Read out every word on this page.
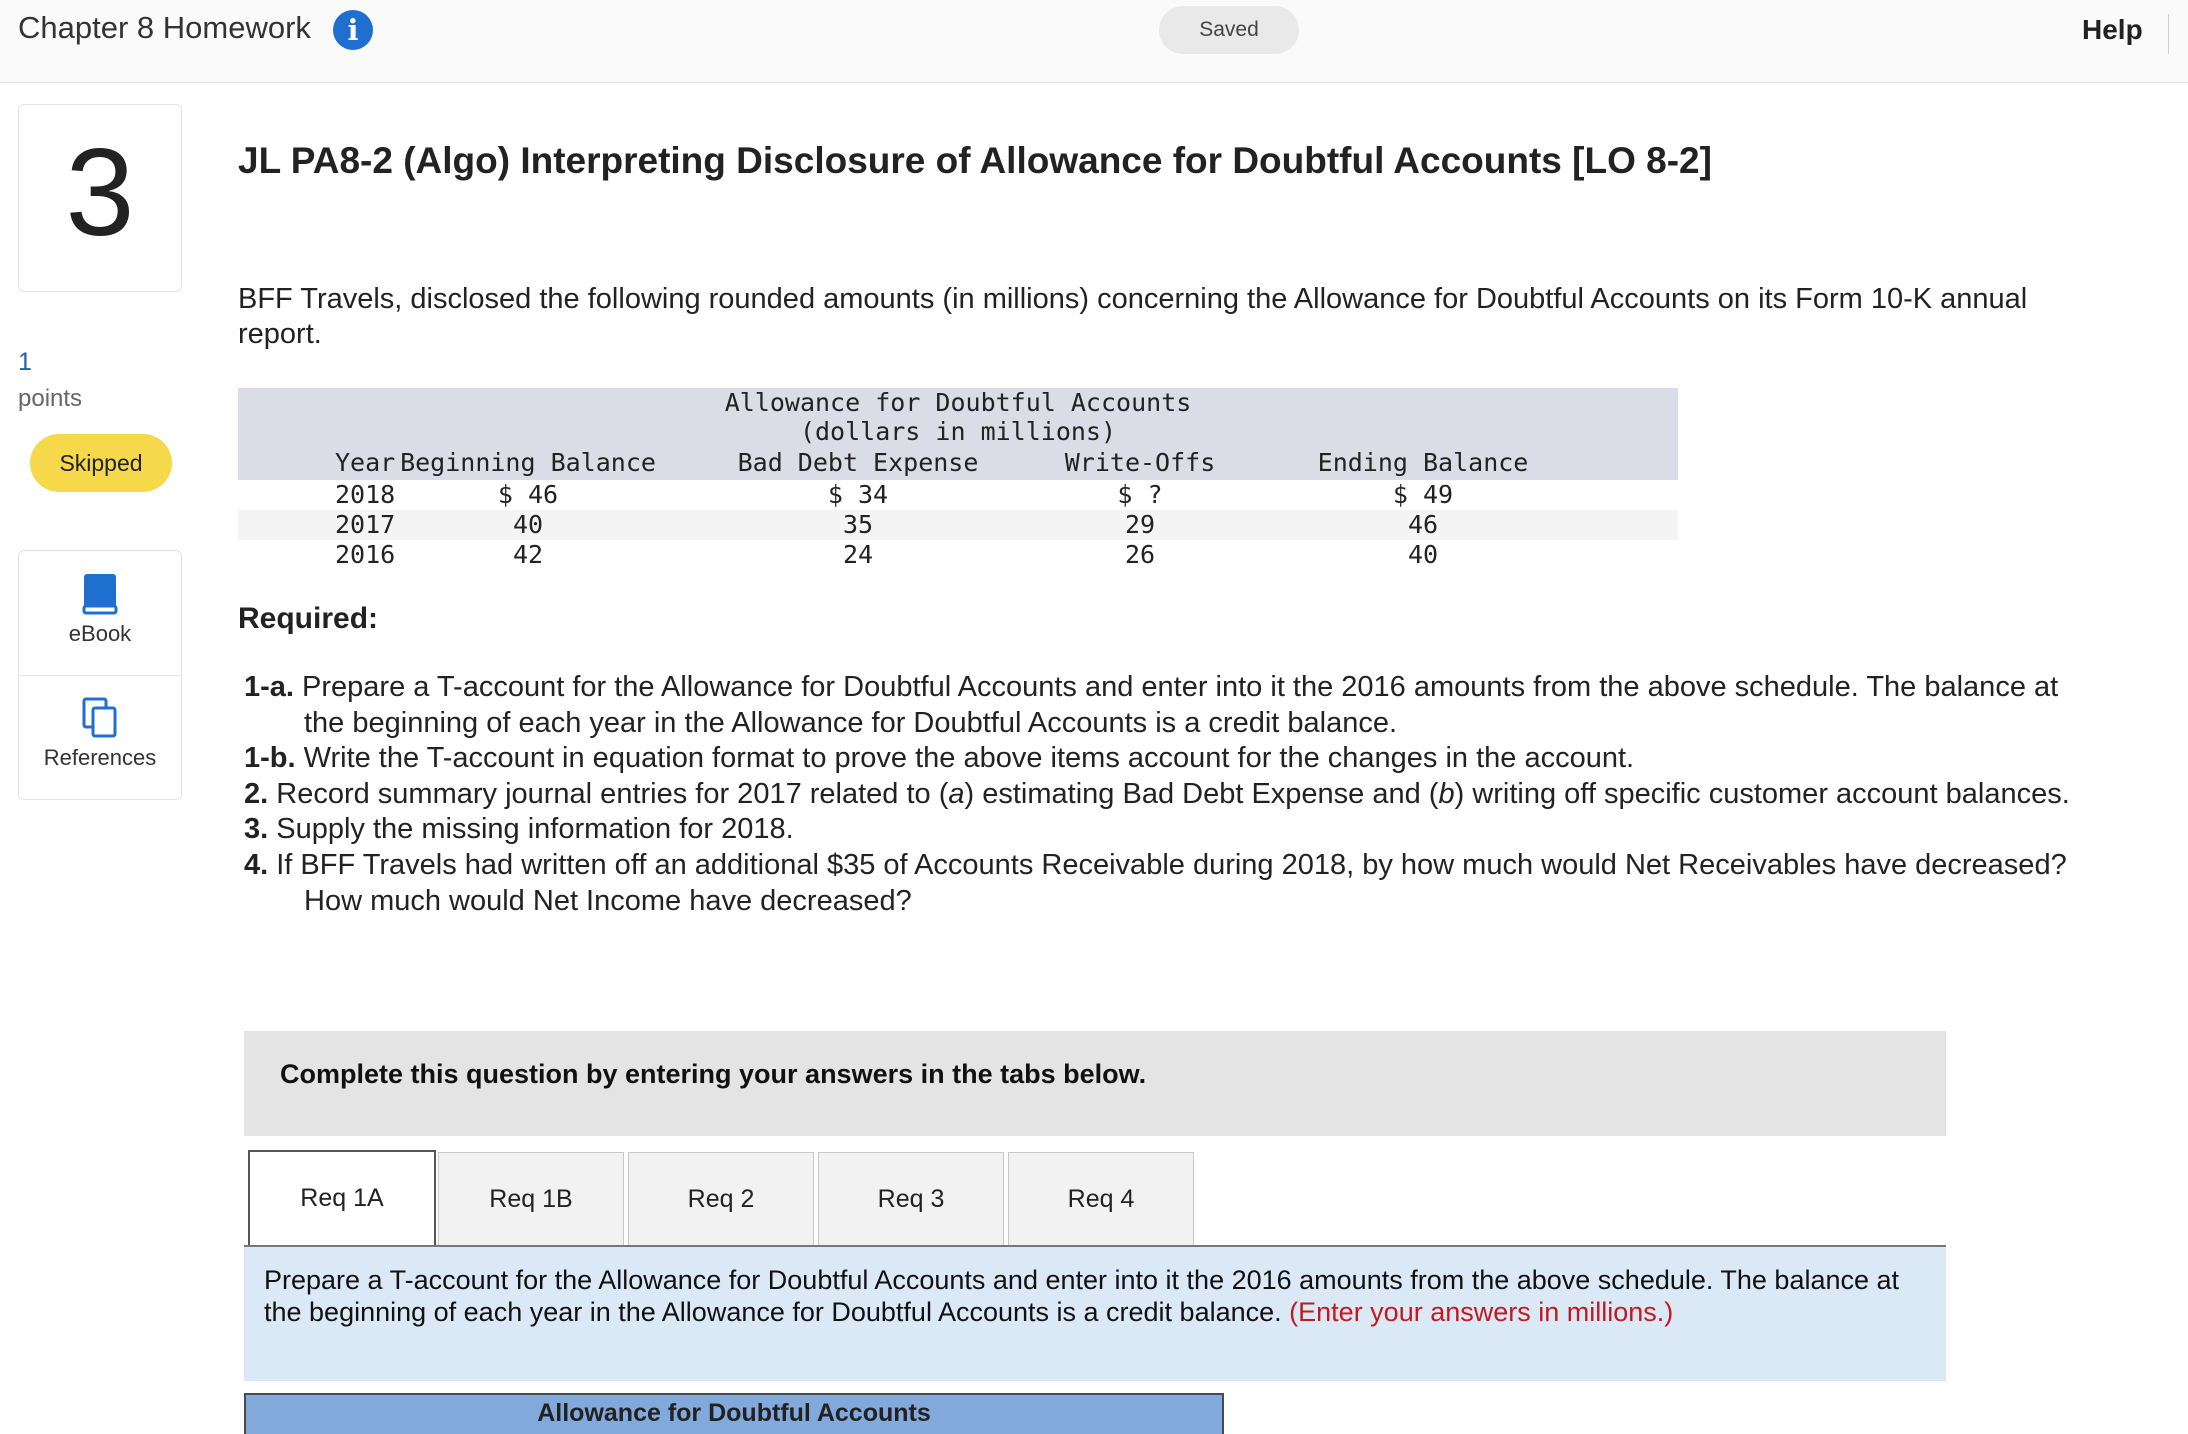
Chapter 8 Homework	i	Saved	Help
3
1
points
Skipped
eBook
References
JL PA8-2 (Algo) Interpreting Disclosure of Allowance for Doubtful Accounts [LO 8-2]
BFF Travels, disclosed the following rounded amounts (in millions) concerning the Allowance for Doubtful Accounts on its Form 10-K annual report.
Allowance for Doubtful Accounts
(dollars in millions)
Year Beginning Balance	Bad Debt Expense	Write-Offs	Ending Balance
2018	$ 46	$ 34	$ ?	$ 49
2017	40	35	29	46
2016	42	24	26	40
Required:
1-a. Prepare a T-account for the Allowance for Doubtful Accounts and enter into it the 2016 amounts from the above schedule. The balance at the beginning of each year in the Allowance for Doubtful Accounts is a credit balance.
1-b. Write the T-account in equation format to prove the above items account for the changes in the account.
2. Record summary journal entries for 2017 related to (a) estimating Bad Debt Expense and (b) writing off specific customer account balances.
3. Supply the missing information for 2018.
4. If BFF Travels had written off an additional $35 of Accounts Receivable during 2018, by how much would Net Receivables have decreased? How much would Net Income have decreased?
Complete this question by entering your answers in the tabs below.
Req 1A	Req 1B	Req 2	Req 3	Req 4
Prepare a T-account for the Allowance for Doubtful Accounts and enter into it the 2016 amounts from the above schedule. The balance at the beginning of each year in the Allowance for Doubtful Accounts is a credit balance. (Enter your answers in millions.)
Allowance for Doubtful Accounts
